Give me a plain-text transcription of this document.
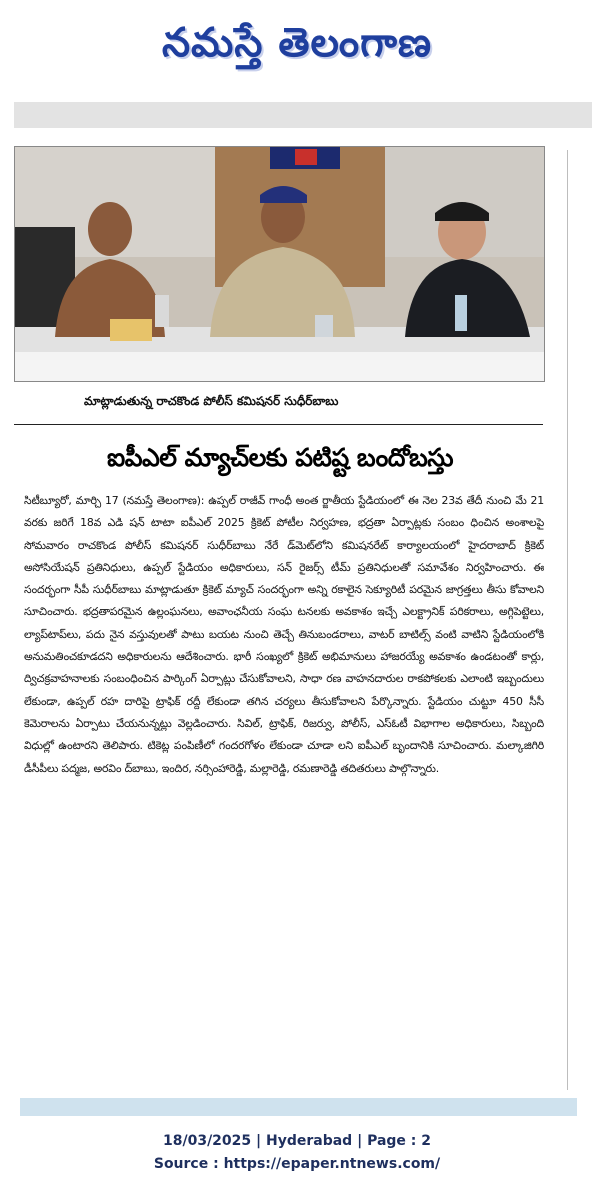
నమస్తే తెలంగాణ
మాట్లాడుతున్న రాచకొండ పోలీస్ కమిషనర్ సుధీర్‌బాబు
ఐపీఎల్ మ్యాచ్‌లకు పటిష్ట బందోబస్తు
సిటీబ్యూరో, మార్చి 17 (నమస్తే తెలంగాణ): ఉప్పల్ రాజీవ్ గాంధీ అంత ర్జాతీయ స్టేడియంలో ఈ నెల 23వ తేదీ నుంచి మే 21 వరకు జరిగే 18వ ఎడి షన్ టాటా ఐపీఎల్ 2025 క్రికెట్ పోటీల నిర్వహణ, భద్రతా ఏర్పాట్లకు సంబం ధించిన అంశాలపై సోమవారం రాచకొండ పోలీస్ కమిషనర్ సుధీర్‌బాబు నేరే డ్‌మెట్‌లోని కమిషనరేట్ కార్యాలయంలో హైదరాబాద్ క్రికెట్ అసోసియేషన్ ప్రతినిధులు, ఉప్పల్ స్టేడియం అధికారులు, సన్ రైజర్స్ టీమ్ ప్రతినిధులతో సమావేశం నిర్వహించారు. ఈ సందర్భంగా సీపీ సుధీర్‌బాబు మాట్లాడుతూ క్రికెట్ మ్యాచ్ సందర్భంగా అన్ని రకాలైన సెక్యూరిటీ పరమైన జాగ్రత్తలు తీసు కోవాలని సూచించారు. భద్రతాపరమైన ఉల్లంఘనలు, అవాంఛనీయ సంఘ టనలకు అవకాశం ఇచ్చే ఎలక్ట్రానిక్ పరికరాలు, అగ్గిపెట్టెలు, ల్యాప్‌టాప్‌లు, పదు నైన వస్తువులతో పాటు బయట నుంచి తెచ్చే తినుబండరాలు, వాటర్ బాటిల్స్ వంటి వాటిని స్టేడియంలోకి అనుమతించకూడదని అధికారులను ఆదేశించారు. భారీ సంఖ్యలో క్రికెట్ అభిమానులు హాజరయ్యే అవకాశం ఉండటంతో కార్లు, ద్విచక్రవాహనాలకు సంబంధించిన పార్కింగ్ ఏర్పాట్లు చేసుకోవాలని, సాధా రణ వాహనదారుల రాకపోకలకు ఎలాంటి ఇబ్బందులు లేకుండా, ఉప్పల్ రహ దారిపై ట్రాఫిక్ రద్దీ లేకుండా తగిన చర్యలు తీసుకోవాలని పేర్కొన్నారు. స్టేడియం చుట్టూ 450 సీసీ కెమెరాలను ఏర్పాటు చేయనున్నట్లు వెల్లడించారు. సివిల్, ట్రాఫిక్, రిజర్వు, పోలీస్, ఎస్‌ఓటీ విభాగాల అధికారులు, సిబ్బంది విధుల్లో ఉంటారని తెలిపారు. టికెట్ల పంపిణీలో గందరగోళం లేకుండా చూడా లని ఐపీఎల్ బృందానికి సూచించారు. మల్కాజిగిరి డీసీపీలు పద్మజ, అరవిం ద్‌బాబు, ఇందిర, నర్సింహారెడ్డి, మల్లారెడ్డి, రమణారెడ్డి తదితరులు పాల్గొన్నారు.
18/03/2025 | Hyderabad | Page : 2
Source : https://epaper.ntnews.com/
